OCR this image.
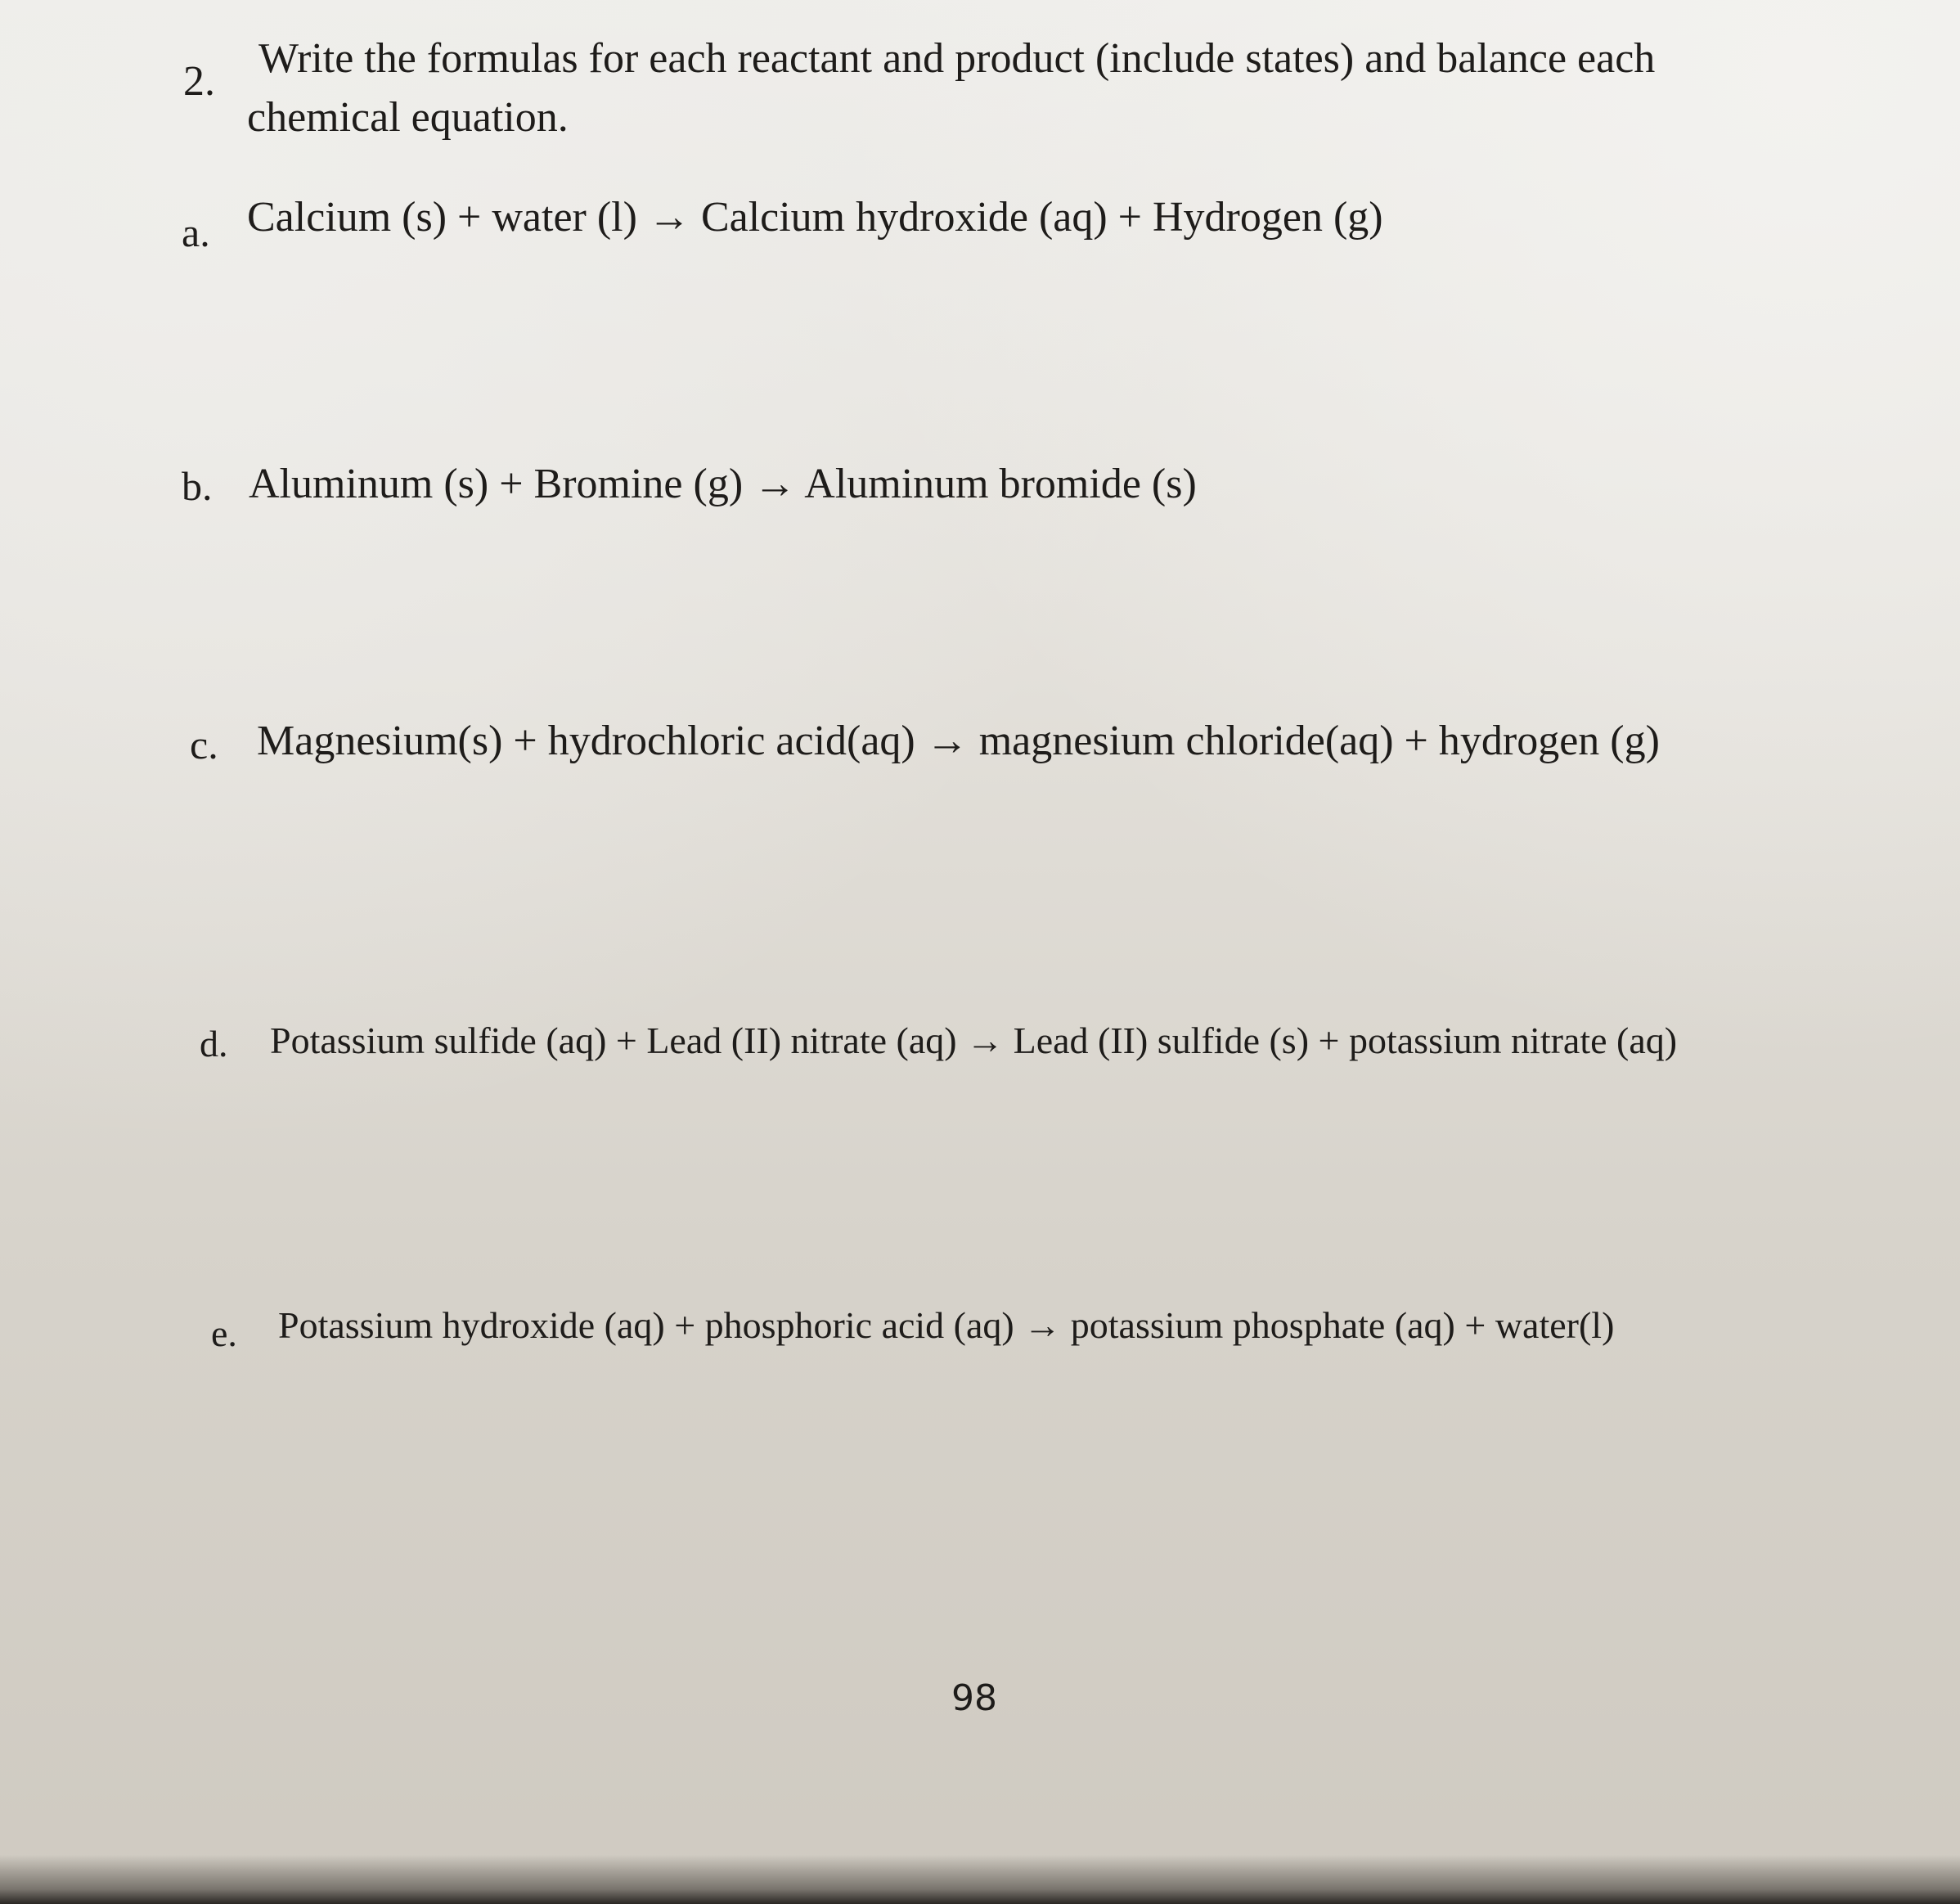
2. Write the formulas for each reactant and product (include states) and balance each
chemical equation.
a. Calcium (s) + water (l) → Calcium hydroxide (aq) + Hydrogen (g)
b. Aluminum (s) + Bromine (g) → Aluminum bromide (s)
c. Magnesium(s) + hydrochloric acid(aq) → magnesium chloride(aq) + hydrogen (g)
d. Potassium sulfide (aq) + Lead (II) nitrate (aq) → Lead (II) sulfide (s) + potassium nitrate (aq)
e. Potassium hydroxide (aq) + phosphoric acid (aq) → potassium phosphate (aq) + water(l)
98
